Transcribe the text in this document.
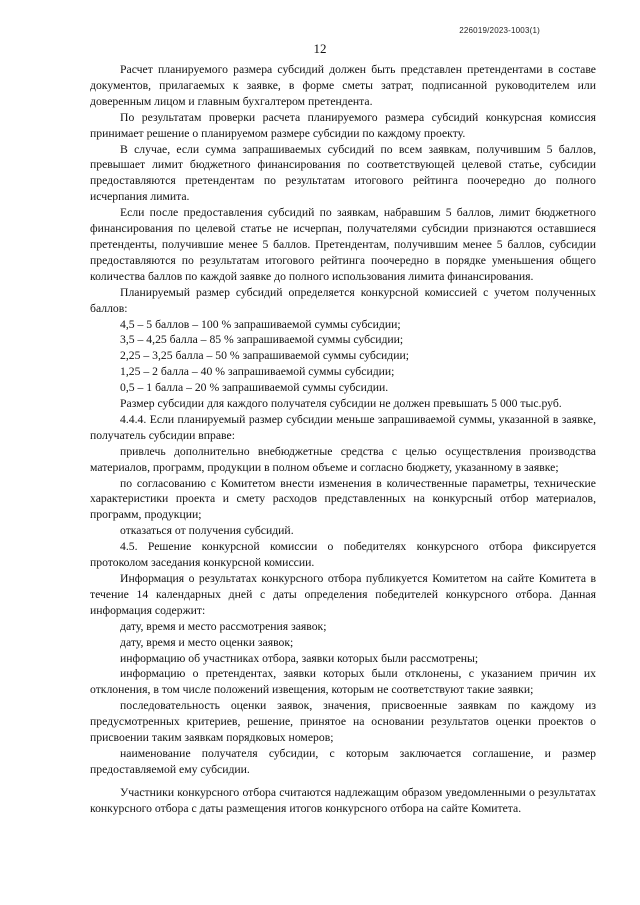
226019/2023-1003(1)
12

Расчет планируемого размера субсидий должен быть представлен претендентами в составе документов, прилагаемых к заявке, в форме сметы затрат, подписанной руководителем или доверенным лицом и главным бухгалтером претендента.

По результатам проверки расчета планируемого размера субсидий конкурсная комиссия принимает решение о планируемом размере субсидии по каждому проекту.

В случае, если сумма запрашиваемых субсидий по всем заявкам, получившим 5 баллов, превышает лимит бюджетного финансирования по соответствующей целевой статье, субсидии предоставляются претендентам по результатам итогового рейтинга поочередно до полного исчерпания лимита.

Если после предоставления субсидий по заявкам, набравшим 5 баллов, лимит бюджетного финансирования по целевой статье не исчерпан, получателями субсидии признаются оставшиеся претенденты, получившие менее 5 баллов. Претендентам, получившим менее 5 баллов, субсидии предоставляются по результатам итогового рейтинга поочередно в порядке уменьшения общего количества баллов по каждой заявке до полного использования лимита финансирования.

Планируемый размер субсидий определяется конкурсной комиссией с учетом полученных баллов:

4,5 – 5 баллов – 100 % запрашиваемой суммы субсидии;

3,5 – 4,25 балла – 85 % запрашиваемой суммы субсидии;

2,25 – 3,25 балла – 50 % запрашиваемой суммы субсидии;

1,25 – 2 балла – 40 % запрашиваемой суммы субсидии;

0,5 – 1 балла – 20 % запрашиваемой суммы субсидии.

Размер субсидии для каждого получателя субсидии не должен превышать 5 000 тыс.руб.

4.4.4. Если планируемый размер субсидии меньше запрашиваемой суммы, указанной в заявке, получатель субсидии вправе:

привлечь дополнительно внебюджетные средства с целью осуществления производства материалов, программ, продукции в полном объеме и согласно бюджету, указанному в заявке;

по согласованию с Комитетом внести изменения в количественные параметры, технические характеристики проекта и смету расходов представленных на конкурсный отбор материалов, программ, продукции;

отказаться от получения субсидий.

4.5. Решение конкурсной комиссии о победителях конкурсного отбора фиксируется протоколом заседания конкурсной комиссии.

Информация о результатах конкурсного отбора публикуется Комитетом на сайте Комитета в течение 14 календарных дней с даты определения победителей конкурсного отбора. Данная информация содержит:

дату, время и место рассмотрения заявок;

дату, время и место оценки заявок;

информацию об участниках отбора, заявки которых были рассмотрены;

информацию о претендентах, заявки которых были отклонены, с указанием причин их отклонения, в том числе положений извещения, которым не соответствуют такие заявки;

последовательность оценки заявок, значения, присвоенные заявкам по каждому из предусмотренных критериев, решение, принятое на основании результатов оценки проектов о присвоении таким заявкам порядковых номеров;

наименование получателя субсидии, с которым заключается соглашение, и размер предоставляемой ему субсидии.

Участники конкурсного отбора считаются надлежащим образом уведомленными о результатах конкурсного отбора с даты размещения итогов конкурсного отбора на сайте Комитета.
